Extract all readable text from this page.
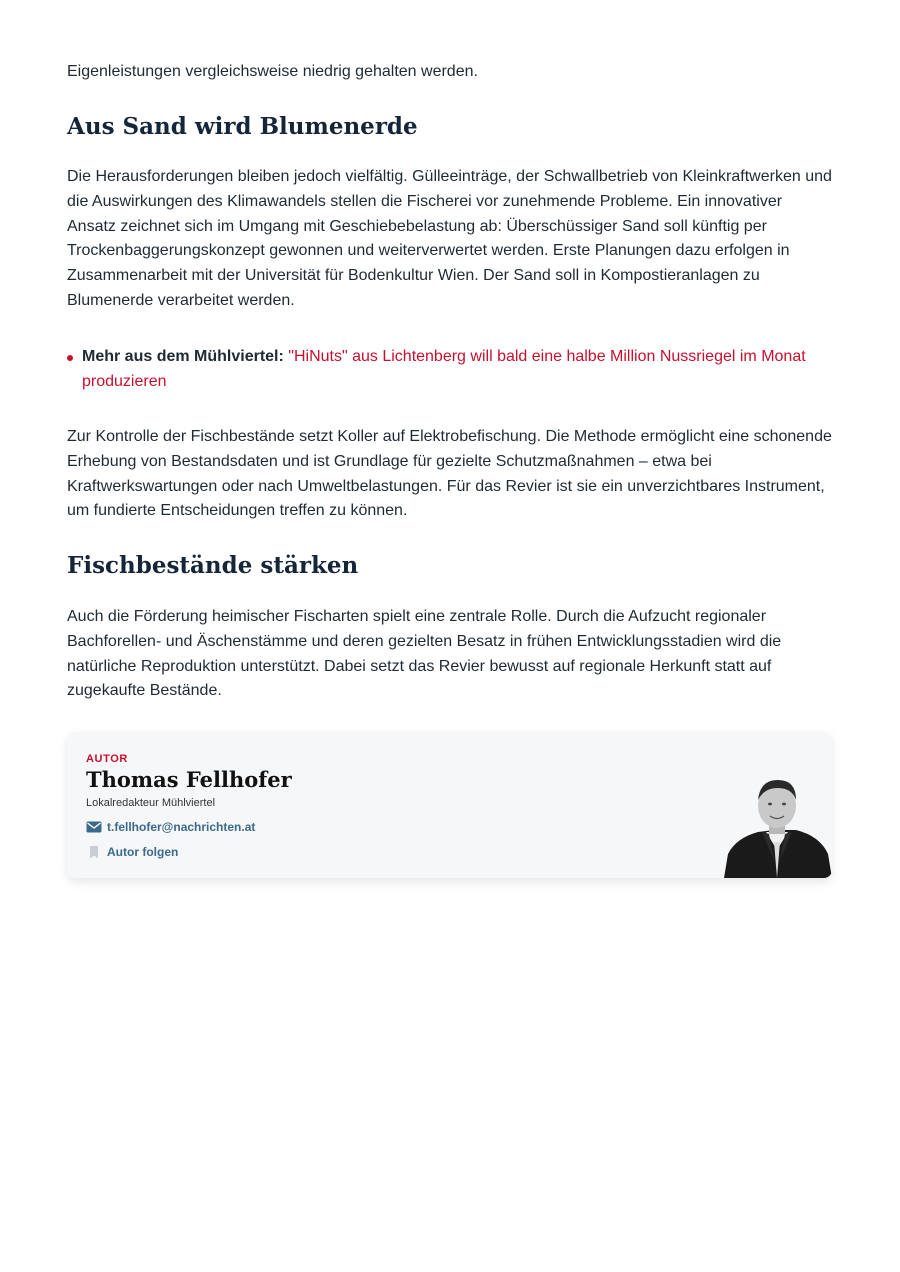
Eigenleistungen vergleichsweise niedrig gehalten werden.

Aus Sand wird Blumenerde

Die Herausforderungen bleiben jedoch vielfältig. Gülleeinträge, der Schwallbetrieb von Kleinkraftwerken und die Auswirkungen des Klimawandels stellen die Fischerei vor zunehmende Probleme. Ein innovativer Ansatz zeichnet sich im Umgang mit Geschiebebelastung ab: Überschüssiger Sand soll künftig per Trockenbaggerungskonzept gewonnen und weiterverwertet werden. Erste Planungen dazu erfolgen in Zusammenarbeit mit der Universität für Bodenkultur Wien. Der Sand soll in Kompostieranlagen zu Blumenerde verarbeitet werden.

Mehr aus dem Mühlviertel: "HiNuts" aus Lichtenberg will bald eine halbe Million Nussriegel im Monat produzieren

Zur Kontrolle der Fischbestände setzt Koller auf Elektrobefischung. Die Methode ermöglicht eine schonende Erhebung von Bestandsdaten und ist Grundlage für gezielte Schutzmaßnahmen – etwa bei Kraftwerkswartungen oder nach Umweltbelastungen. Für das Revier ist sie ein unverzichtbares Instrument, um fundierte Entscheidungen treffen zu können.

Fischbestände stärken

Auch die Förderung heimischer Fischarten spielt eine zentrale Rolle. Durch die Aufzucht regionaler Bachforellen- und Äschenstämme und deren gezielten Besatz in frühen Entwicklungsstadien wird die natürliche Reproduktion unterstützt. Dabei setzt das Revier bewusst auf regionale Herkunft statt auf zugekaufte Bestände.

AUTOR
Thomas Fellhofer
Lokalredakteur Mühlviertel
t.fellhofer@nachrichten.at
Autor folgen
